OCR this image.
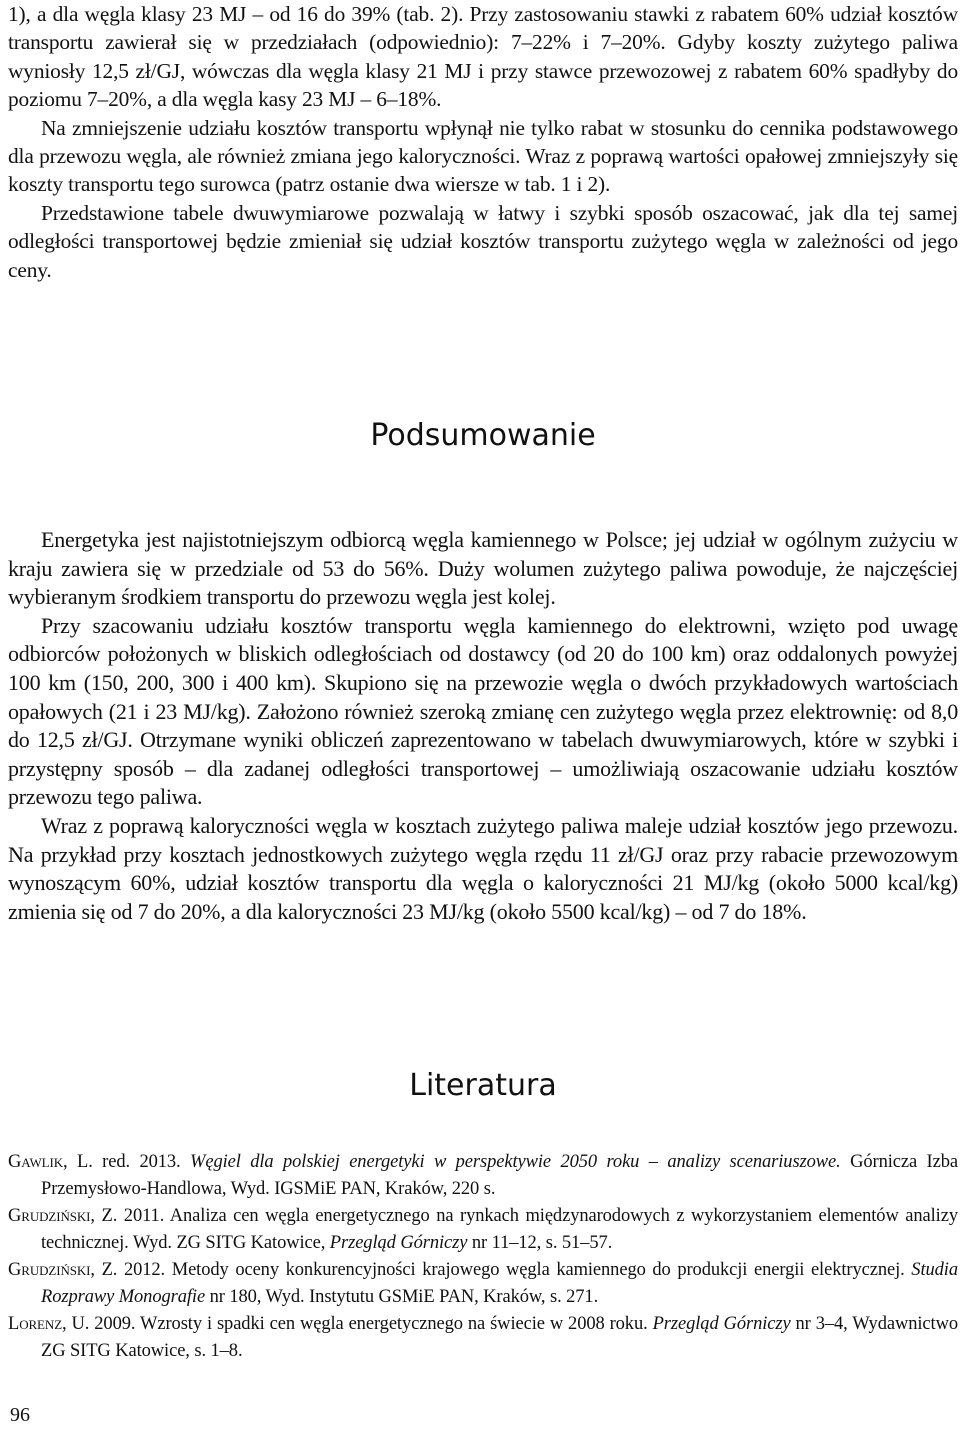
1), a dla węgla klasy 23 MJ – od 16 do 39% (tab. 2). Przy zastosowaniu stawki z rabatem 60% udział kosztów transportu zawierał się w przedziałach (odpowiednio): 7–22% i 7–20%. Gdyby koszty zużytego paliwa wyniosły 12,5 zł/GJ, wówczas dla węgla klasy 21 MJ i przy stawce przewozowej z rabatem 60% spadłyby do poziomu 7–20%, a dla węgla kasy 23 MJ – 6–18%.

Na zmniejszenie udziału kosztów transportu wpłynął nie tylko rabat w stosunku do cennika podstawowego dla przewozu węgla, ale również zmiana jego kaloryczności. Wraz z poprawą wartości opałowej zmniejszyły się koszty transportu tego surowca (patrz ostanie dwa wiersze w tab. 1 i 2).

Przedstawione tabele dwuwymiarowe pozwalają w łatwy i szybki sposób oszacować, jak dla tej samej odległości transportowej będzie zmieniał się udział kosztów transportu zużytego węgla w zależności od jego ceny.

Podsumowanie

Energetyka jest najistotniejszym odbiorcą węgla kamiennego w Polsce; jej udział w ogólnym zużyciu w kraju zawiera się w przedziale od 53 do 56%. Duży wolumen zużytego paliwa powoduje, że najczęściej wybieranym środkiem transportu do przewozu węgla jest kolej.

Przy szacowaniu udziału kosztów transportu węgla kamiennego do elektrowni, wzięto pod uwagę odbiorców położonych w bliskich odległościach od dostawcy (od 20 do 100 km) oraz oddalonych powyżej 100 km (150, 200, 300 i 400 km). Skupiono się na przewozie węgla o dwóch przykładowych wartościach opałowych (21 i 23 MJ/kg). Założono również szeroką zmianę cen zużytego węgla przez elektrownię: od 8,0 do 12,5 zł/GJ. Otrzymane wyniki obliczeń zaprezentowano w tabelach dwuwymiarowych, które w szybki i przystępny sposób – dla zadanej odległości transportowej – umożliwiają oszacowanie udziału kosztów przewozu tego paliwa.

Wraz z poprawą kaloryczności węgla w kosztach zużytego paliwa maleje udział kosztów jego przewozu. Na przykład przy kosztach jednostkowych zużytego węgla rzędu 11 zł/GJ oraz przy rabacie przewozowym wynoszącym 60%, udział kosztów transportu dla węgla o kaloryczności 21 MJ/kg (około 5000 kcal/kg) zmienia się od 7 do 20%, a dla kaloryczności 23 MJ/kg (około 5500 kcal/kg) – od 7 do 18%.

Literatura

Gawlik, L. red. 2013. Węgiel dla polskiej energetyki w perspektywie 2050 roku – analizy scenariuszowe. Górnicza Izba Przemysłowo-Handlowa, Wyd. IGSMiE PAN, Kraków, 220 s.

Grudziński, Z. 2011. Analiza cen węgla energetycznego na rynkach międzynarodowych z wykorzystaniem elementów analizy technicznej. Wyd. ZG SITG Katowice, Przegląd Górniczy nr 11–12, s. 51–57.

Grudziński, Z. 2012. Metody oceny konkurencyjności krajowego węgla kamiennego do produkcji energii elektrycznej. Studia Rozprawy Monografie nr 180, Wyd. Instytutu GSMiE PAN, Kraków, s. 271.

Lorenz, U. 2009. Wzrosty i spadki cen węgla energetycznego na świecie w 2008 roku. Przegląd Górniczy nr 3–4, Wydawnictwo ZG SITG Katowice, s. 1–8.

96
